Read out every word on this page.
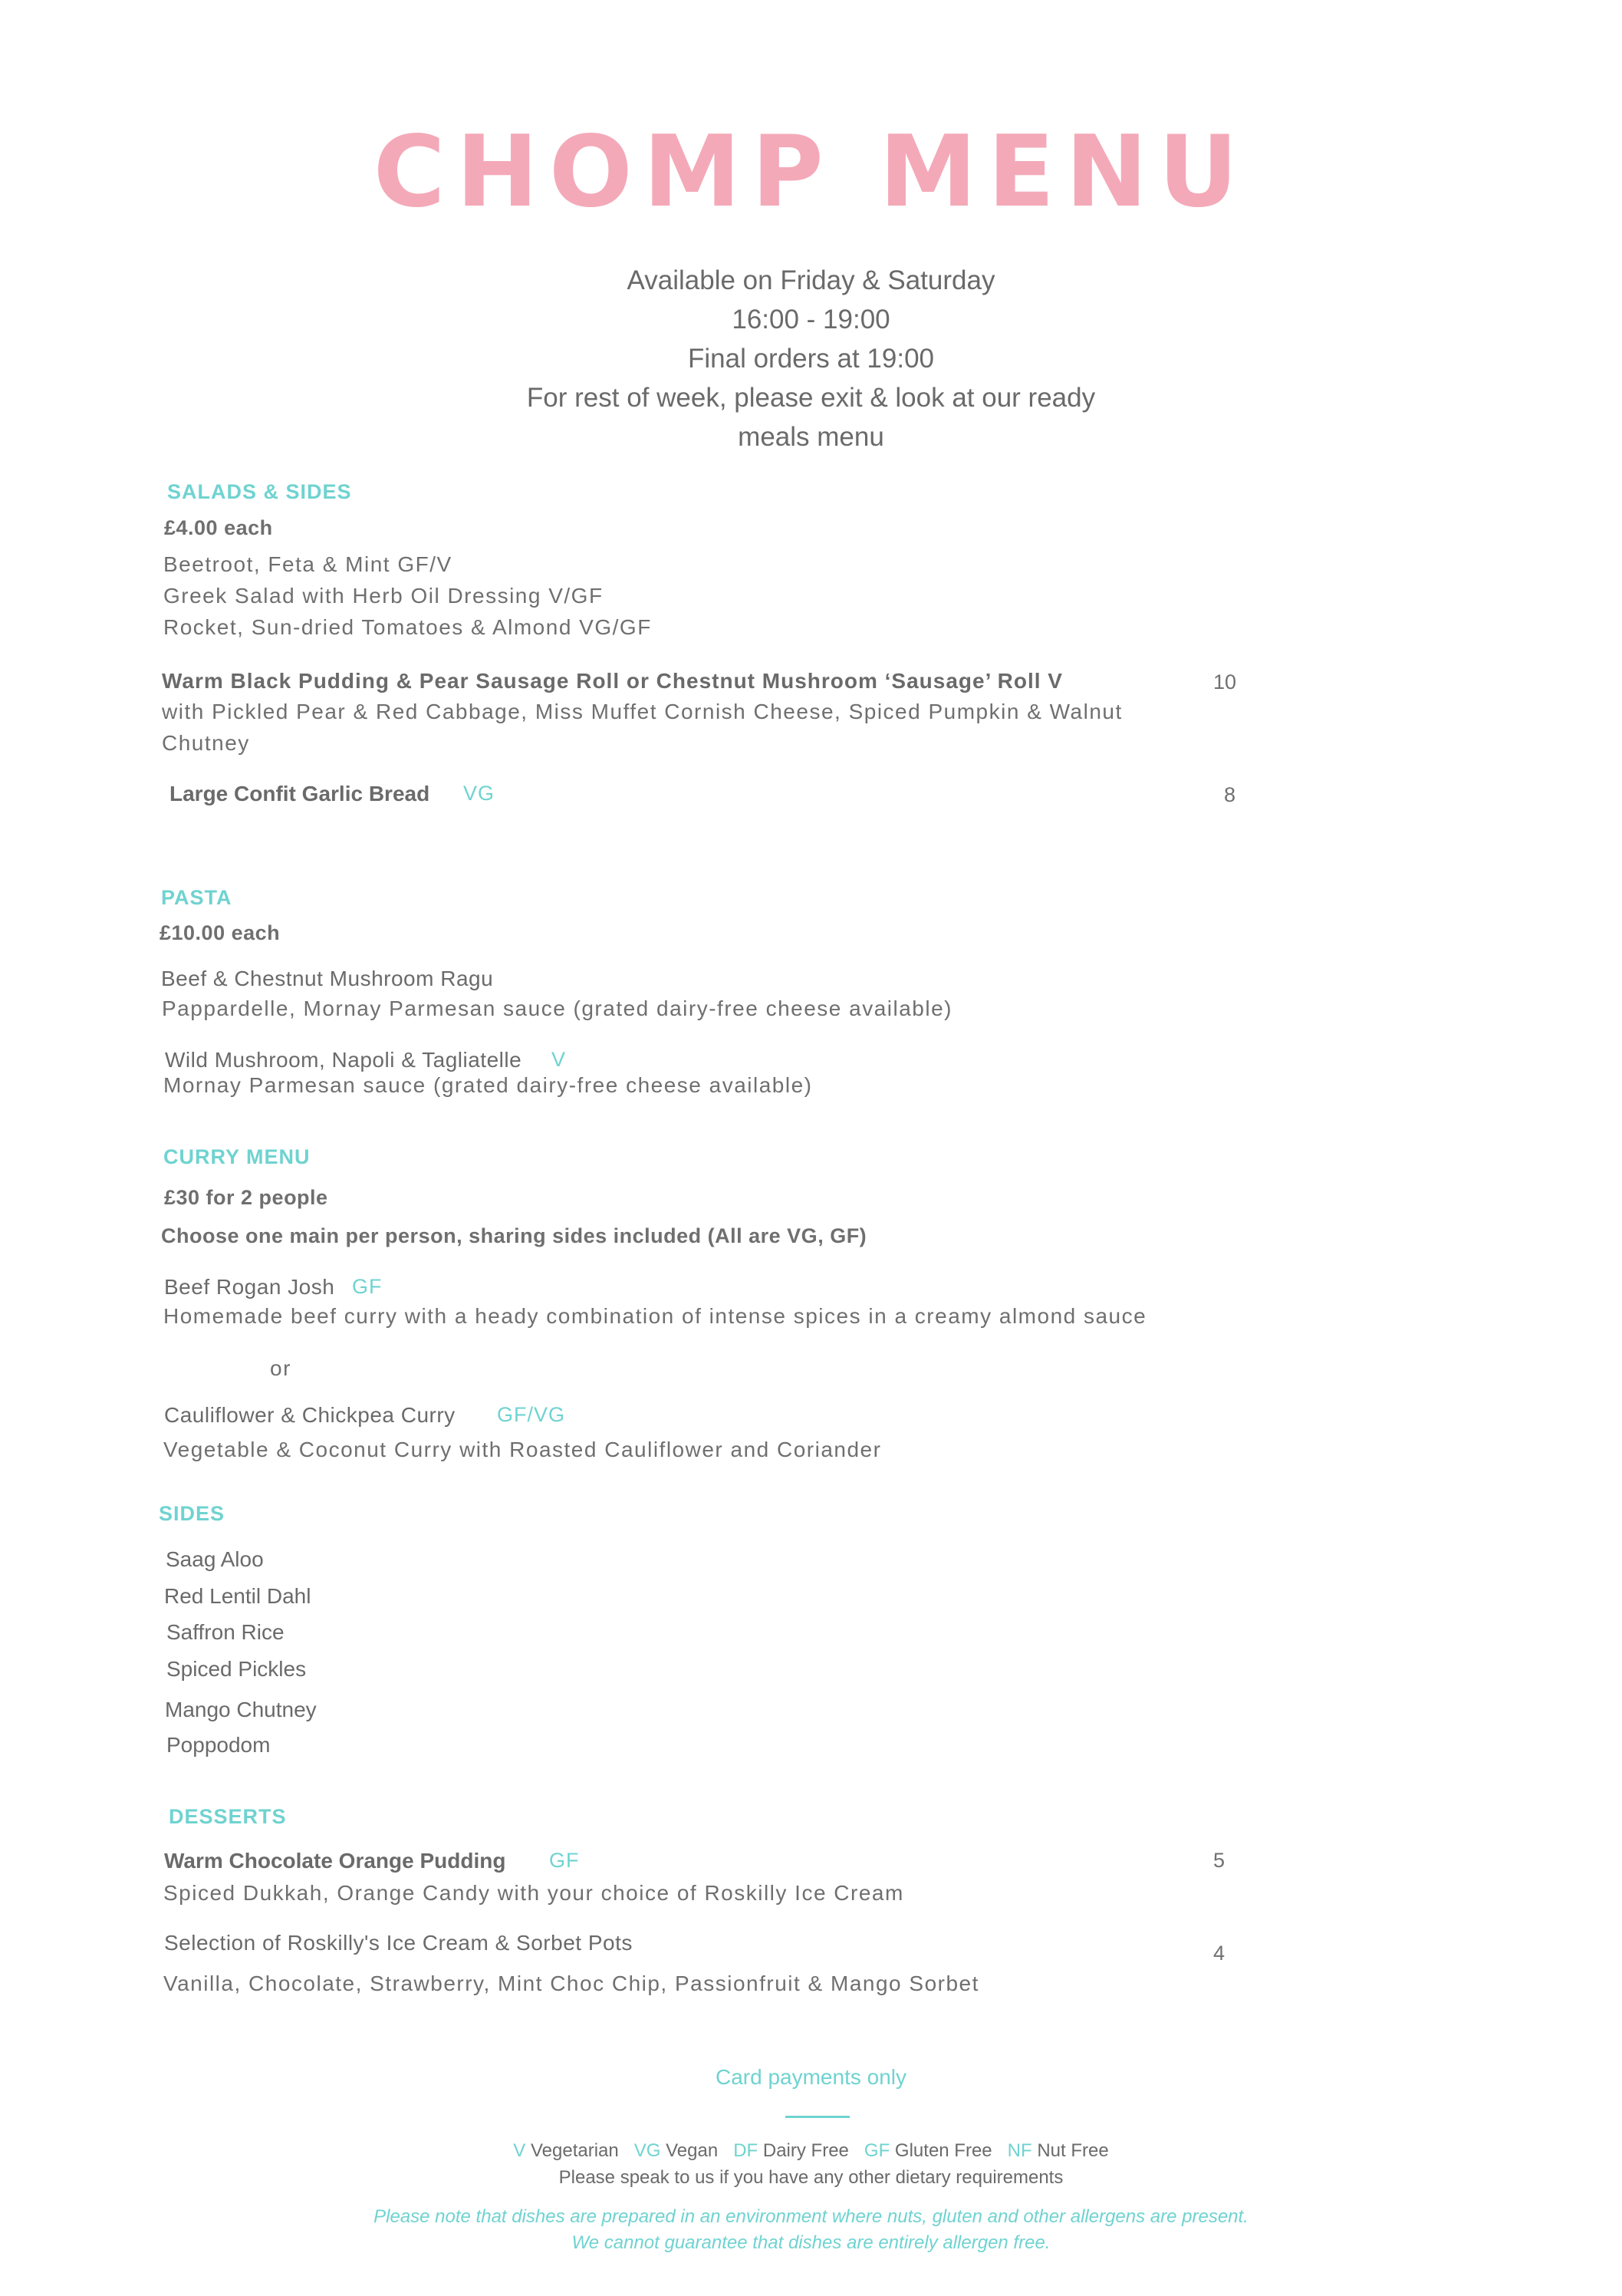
CHOMP MENU
Available on Friday & Saturday
16:00 - 19:00
Final orders at 19:00
For rest of week, please exit & look at our ready
meals menu
SALADS & SIDES
£4.00 each
Beetroot, Feta & Mint GF/V
Greek Salad with Herb Oil Dressing V/GF
Rocket, Sun-dried Tomatoes & Almond VG/GF
Warm Black Pudding & Pear Sausage Roll or Chestnut Mushroom ‘Sausage’ Roll V	10
with Pickled Pear & Red Cabbage, Miss Muffet Cornish Cheese, Spiced Pumpkin & Walnut
Chutney
Large Confit Garlic Bread VG	8
PASTA
£10.00 each
Beef & Chestnut Mushroom Ragu
Pappardelle, Mornay Parmesan sauce (grated dairy-free cheese available)
Wild Mushroom, Napoli & Tagliatelle V
Mornay Parmesan sauce (grated dairy-free cheese available)
CURRY MENU
£30 for 2 people
Choose one main per person, sharing sides included (All are VG, GF)
Beef Rogan Josh GF
Homemade beef curry with a heady combination of intense spices in a creamy almond sauce
or
Cauliflower & Chickpea Curry GF/VG
Vegetable & Coconut Curry with Roasted Cauliflower and Coriander
SIDES
Saag Aloo
Red Lentil Dahl
Saffron Rice
Spiced Pickles
Mango Chutney
Poppodom
DESSERTS
Warm Chocolate Orange Pudding GF	5
Spiced Dukkah, Orange Candy with your choice of Roskilly Ice Cream
Selection of Roskilly's Ice Cream & Sorbet Pots	4
Vanilla, Chocolate, Strawberry, Mint Choc Chip, Passionfruit & Mango Sorbet
Card payments only
V Vegetarian VG Vegan DF Dairy Free GF Gluten Free NF Nut Free
Please speak to us if you have any other dietary requirements
Please note that dishes are prepared in an environment where nuts, gluten and other allergens are present.
We cannot guarantee that dishes are entirely allergen free.
